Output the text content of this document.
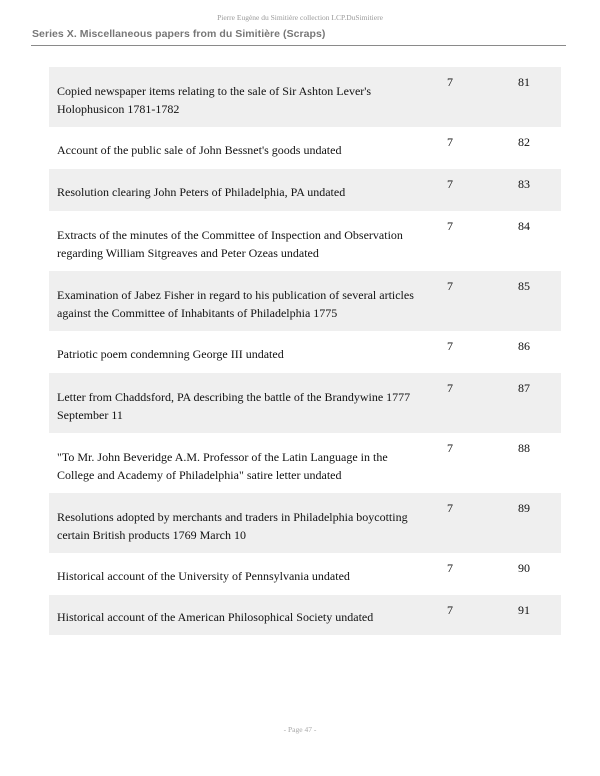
Pierre Eugène du Simitière collection LCP.DuSimitiere
Series X. Miscellaneous papers from du Simitière (Scraps)
Copied newspaper items relating to the sale of Sir Ashton Lever's Holophusicon 1781-1782
7	81
Account of the public sale of John Bessnet's goods undated
7	82
Resolution clearing John Peters of Philadelphia, PA undated
7	83
Extracts of the minutes of the Committee of Inspection and Observation regarding William Sitgreaves and Peter Ozeas undated
7	84
Examination of Jabez Fisher in regard to his publication of several articles against the Committee of Inhabitants of Philadelphia 1775
7	85
Patriotic poem condemning George III undated
7	86
Letter from Chaddsford, PA describing the battle of the Brandywine 1777 September 11
7	87
"To Mr. John Beveridge A.M. Professor of the Latin Language in the College and Academy of Philadelphia" satire letter undated
7	88
Resolutions adopted by merchants and traders in Philadelphia boycotting certain British products 1769 March 10
7	89
Historical account of the University of Pennsylvania undated
7	90
Historical account of the American Philosophical Society undated	7	91
- Page 47 -
